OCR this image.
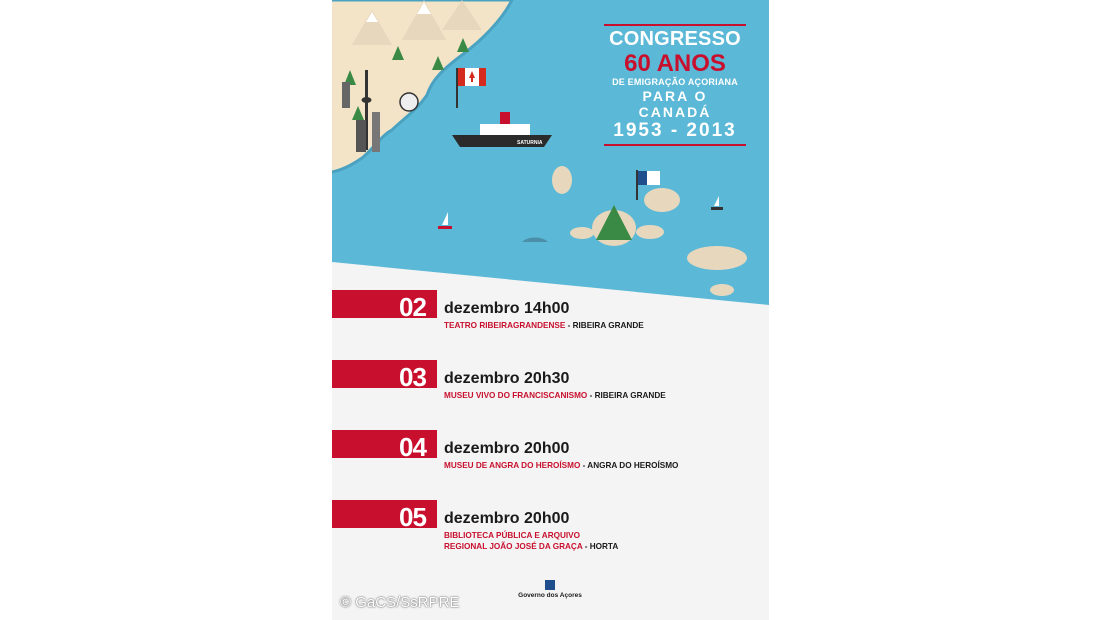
SATURNIA
CONGRESSO
60 ANOS
DE EMIGRAÇÃO AÇORIANA
PARA O CANADÁ
1953 - 2013
02 dezembro 14h00
TEATRO RIBEIRAGRANDENSE - RIBEIRA GRANDE
03 dezembro 20h30
MUSEU VIVO DO FRANCISCANISMO - RIBEIRA GRANDE
04 dezembro 20h00
MUSEU DE ANGRA DO HEROÍSMO - ANGRA DO HEROÍSMO
05 dezembro 20h00
BIBLIOTECA PÚBLICA E ARQUIVO
REGIONAL JOÃO JOSÉ DA GRAÇA - HORTA
Governo dos Açores
© GaCS/SsRPRE
